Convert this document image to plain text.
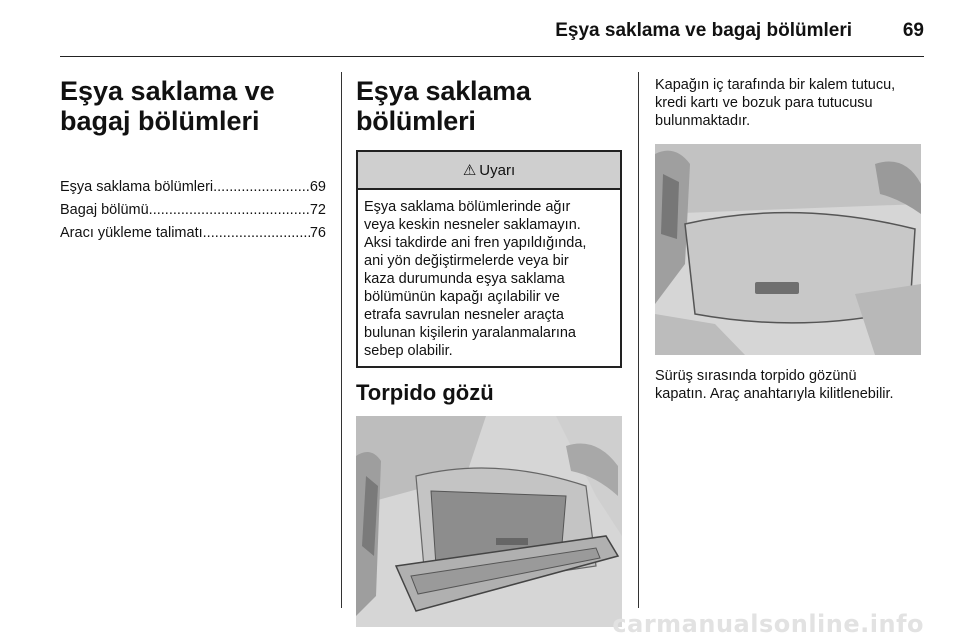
Eşya saklama ve bagaj bölümleri	69
Eşya saklama ve
bagaj bölümleri
Eşya saklama bölümleri .....	69
Bagaj bölümü .....	72
Aracı yükleme talimatı .....	76
Eşya saklama bölümleri
⚠ Uyarı
Eşya saklama bölümlerinde ağır
veya keskin nesneler saklamayın.
Aksi takdirde ani fren yapıldığında,
ani yön değiştirmelerde veya bir
kaza durumunda eşya saklama
bölümünün kapağı açılabilir ve
etrafa savrulan nesneler araçta
bulunan kişilerin yaralanmalarına
sebep olabilir.
Torpido gözü

Kapağın iç tarafında bir kalem tutucu,
kredi kartı ve bozuk para tutucusu
bulunmaktadır.

Sürüş sırasında torpido gözünü
kapatın. Araç anahtarıyla kilitlenebilir.

carmanualsonline.info
